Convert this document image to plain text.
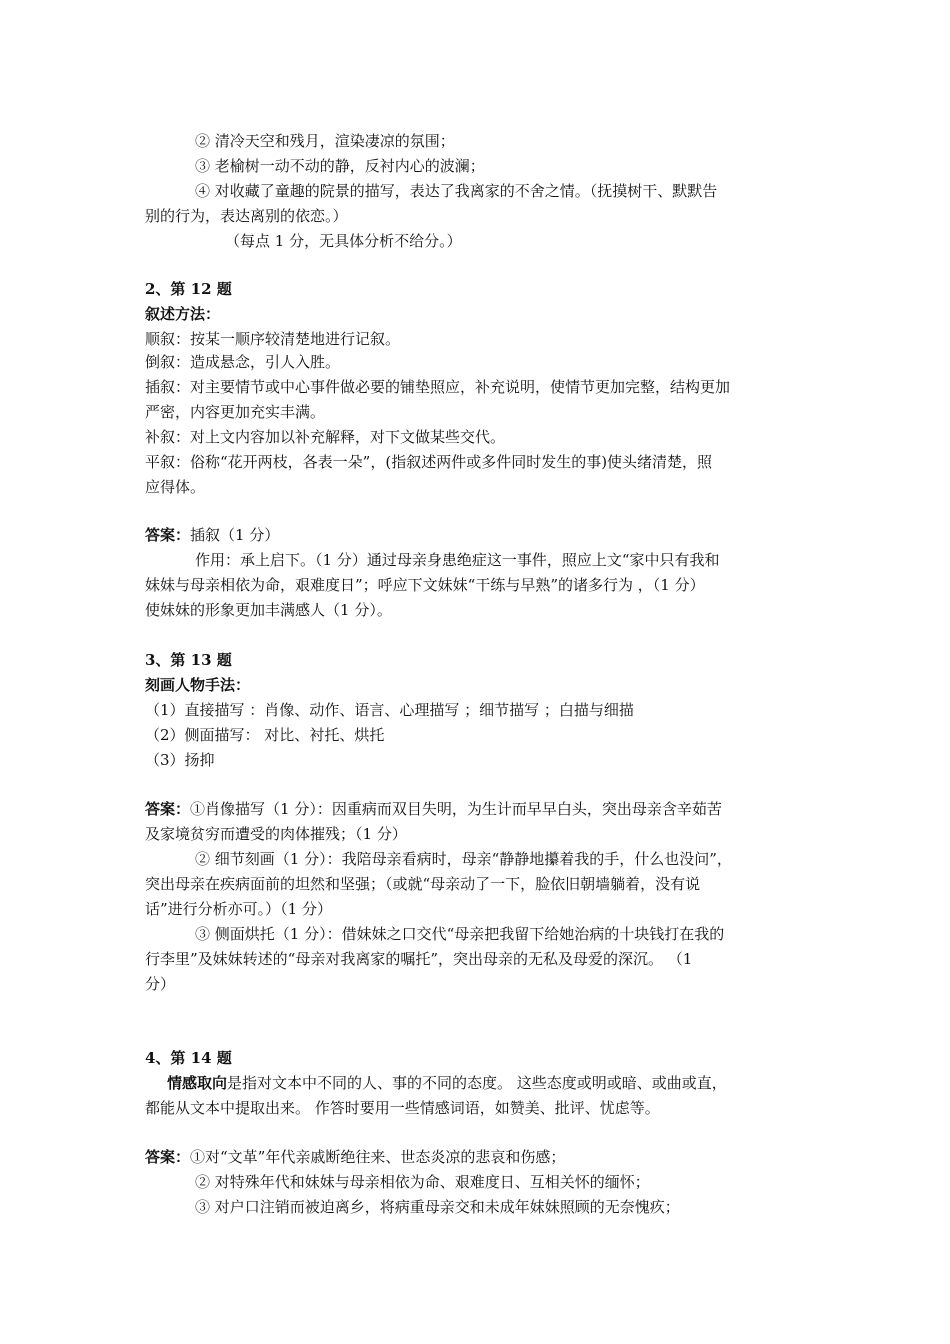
② 清冷天空和残月，渲染凄凉的氛围；
③ 老榆树一动不动的静，反衬内心的波澜；
④ 对收藏了童趣的院景的描写，表达了我离家的不舍之情。（抚摸树干、默默告
别的行为，表达离别的依恋。）
（每点 1 分，无具体分析不给分。）
2、第 12 题
叙述方法：
顺叙：按某一顺序较清楚地进行记叙。
倒叙：造成悬念，引人入胜。
插叙：对主要情节或中心事件做必要的铺垫照应，补充说明，使情节更加完整，结构更加
严密，内容更加充实丰满。
补叙：对上文内容加以补充解释，对下文做某些交代。
平叙：俗称“花开两枝，各表一朵”，(指叙述两件或多件同时发生的事)使头绪清楚，照
应得体。
答案：插叙（1 分）
作用：承上启下。（1 分）通过母亲身患绝症这一事件，照应上文“家中只有我和
妹妹与母亲相依为命，艰难度日”；呼应下文妹妹“干练与早熟”的诸多行为 ，（1 分）
使妹妹的形象更加丰满感人（1 分）。
3、第 13 题
刻画人物手法：
（1）直接描写 ：肖像、动作、语言、心理描写 ；细节描写 ；白描与细描
（2）侧面描写： 对比、衬托、烘托
（3）扬抑
答案：①肖像描写（1 分）：因重病而双目失明，为生计而早早白头，突出母亲含辛茹苦
及家境贫穷而遭受的肉体摧残；（1 分）
② 细节刻画（1 分）：我陪母亲看病时，母亲“静静地攥着我的手，什么也没问”，
突出母亲在疾病面前的坦然和坚强；（或就“母亲动了一下，脸依旧朝墙躺着，没有说
话”进行分析亦可。）（1 分）
③ 侧面烘托（1 分）：借妹妹之口交代“母亲把我留下给她治病的十块钱打在我的
行李里”及妹妹转述的“母亲对我离家的嘱托”，突出母亲的无私及母爱的深沉。 （1
分）
4、第 14 题
情感取向是指对文本中不同的人、事的不同的态度。 这些态度或明或暗、或曲或直，
都能从文本中提取出来。 作答时要用一些情感词语，如赞美、批评、忧虑等。
答案：①对“文革”年代亲戚断绝往来、世态炎凉的悲哀和伤感；
② 对特殊年代和妹妹与母亲相依为命、艰难度日、互相关怀的缅怀；
③ 对户口注销而被迫离乡，将病重母亲交和未成年妹妹照顾的无奈愧疚；
